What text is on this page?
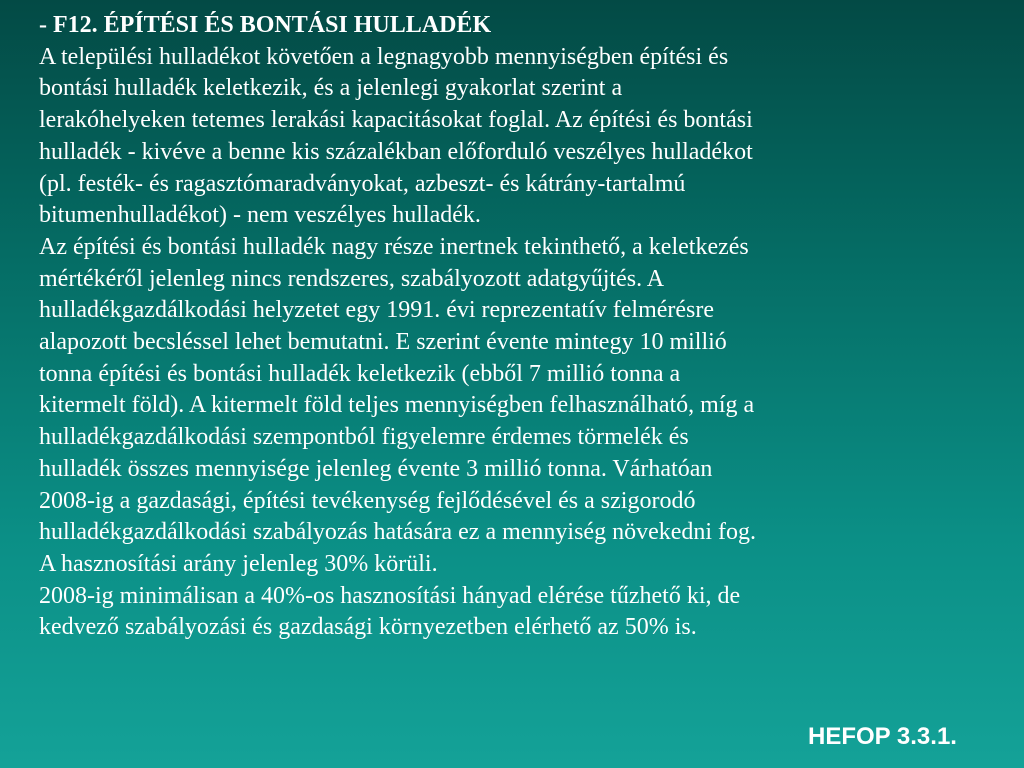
- F12. ÉPÍTÉSI ÉS BONTÁSI HULLADÉK
A települési hulladékot követően a legnagyobb mennyiségben építési és
bontási hulladék keletkezik, és a jelenlegi gyakorlat szerint a
lerakóhelyeken tetemes lerakási kapacitásokat foglal. Az építési és bontási
hulladék - kivéve a benne kis százalékban előforduló veszélyes hulladékot
(pl. festék- és ragasztómaradványokat, azbeszt- és kátrány-tartalmú
bitumenhulladékot) - nem veszélyes hulladék.
Az építési és bontási hulladék nagy része inertnek tekinthető, a keletkezés
mértékéről jelenleg nincs rendszeres, szabályozott adatgyűjtés. A
hulladékgazdálkodási helyzetet egy 1991. évi reprezentatív felmérésre
alapozott becsléssel lehet bemutatni. E szerint évente mintegy 10 millió
tonna építési és bontási hulladék keletkezik (ebből 7 millió tonna a
kitermelt föld). A kitermelt föld teljes mennyiségben felhasználható, míg a
hulladékgazdálkodási szempontból figyelemre érdemes törmelék és
hulladék összes mennyisége jelenleg évente 3 millió tonna. Várhatóan
2008-ig a gazdasági, építési tevékenység fejlődésével és a szigorodó
hulladékgazdálkodási szabályozás hatására ez a mennyiség növekedni fog.
A hasznosítási arány jelenleg 30% körüli.
2008-ig minimálisan a 40%-os hasznosítási hányad elérése tűzhető ki, de
kedvező szabályozási és gazdasági környezetben elérhető az 50% is.
HEFOP 3.3.1.
